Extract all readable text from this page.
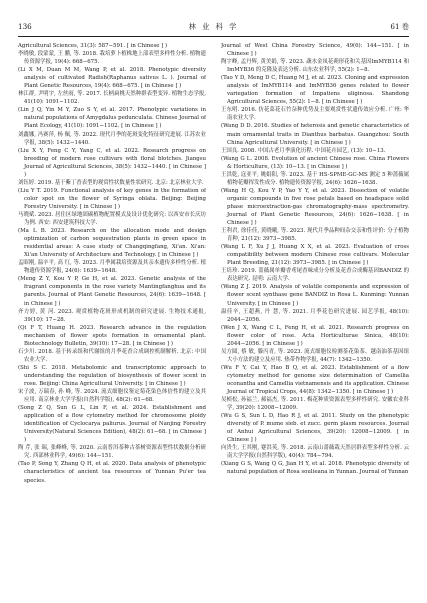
136	林 业 科 学	61 卷

Agricultural Sciences, 31(3): 587−591. [ in Chinese ] )

李晓敏, 段蒙蒙, 王 鹏, 等. 2018. 栽培萝卜植株地上部表型多样性分析. 植物遗传资源学报, 19(4): 668−675.

(Li X M, Duan M M, Wang P, et al. 2018. Phenotypic diversity analysis of cultivated Radish(Raphanus sativus L. ). Journal of Plant Genetic Resources, 19(4): 668−675. [ in Chinese ] )

林江群, 尹明宇, 左丝雨, 等. 2017. 长柄扁桃天然种群表型变异. 植物生态学报, 41(10): 1091−1102.

(Lin J Q, Yin M Y, Zuo S Y, et al. 2017. Phenotypic variations in natural populations of Amygdalus pedunculata. Chinese Journal of Plant Ecology, 41(10): 1091−1102. [ in Chinese ] )

刘鑫娜, 冯赛萍, 杨 佩, 等. 2022. 现代月季的花斑变化特征研究进展. 江苏农业学报, 38(5): 1432−1440.

(Liu X Y, Feng C Y, Yang C, et al. 2022. Research progress on breeding of modern rose cultivars with floral blotches. Jiangsu Journal of Agricultural Sciences, 38(5): 1432−1440. [ in Chinese ] )

刘钰婷. 2019. 基于紫丁香表型的观赏性状数量性状研究. 北京: 北京林业大学.

(Liu Y T. 2019. Functional analysis of key genes in the formation of color spot on the flower of Syringa oblata. Beijing: Beijing Forestry University. [ in Chinese ] )

马晓斌. 2023. 居住区绿地固碳植物配置模式及设计优化研究: 以西安市长庆坊为例. 西安: 西安建筑科技大学.

(Ma L B. 2023. Research on the allocation mode and design optimization of carbon sequestration plants in green space in residential areas: A case study of Changqingfang, Xi'an. Xi'an: Xi'an University of Architecture and Technology. [ in Chinese ] )

孟昭刚, 温辛平, 高 红, 等. 2023. 月季属栽培资源及其亲本遗传多样性分析. 植物遗传资源学报, 24(6): 1639−1648.

(Meng Z Y, Kou Y P, Ge H, et al. 2023. Genetic analysis of the fragrant components in the rose variety Mantingfanghua and its parents. Journal of Plant Genetic Resources, 24(6): 1639−1648. [ in Chinese ] )

齐方婷, 黄 河. 2023. 观赏植物花斑形成机制的研究进展. 生物技术通报, 39(10): 17−28.

(Qi F T, Huang H. 2023. Research advance in the regulation mechanism of flower spots formation in ornamental plant. Biotechnology Bulletin, 39(10): 17−28. [ in Chinese ] )

石少川. 2018. 基于转录组和代谢组的月季花香合成调控机制解析. 北京: 中国农业大学.

(Shi S C. 2018. Metabolomic and transcriptomic approach to understanding the regulation of biosynthesis of flower scent in rose. Beijing: China Agricultural University. [ in Chinese ] )

宋子波, 万瑞春, 孙 峰, 等. 2024. 流式细胞仪鉴定菊花染色体倍性的建立及其应用. 南京林业大学学报(自然科学版), 48(2): 61−68.

(Song Z Q, Sun G L, Lin F, et al. 2024. Establishment and application of a flow cytometry method for chromosome ploidy identification of Cyclocarya paliurus. Journal of Nanjing Forestry University(Natural Sciences Edition), 48(2): 61−68. [ in Chinese ] )

陶 芹, 张 瑞, 张峰峰, 等. 2020. 云南普洱茶种古茶树资源表型性状数据分析研究. 西部林业科学, 49(6): 144−151.

(Tao P, Song Y, Zhang Q H, et al. 2020. Data analysis of phenotypic characteristics of ancient tea resources of Yunnan Pu'er tea species.

Journal of West China Forestry Science, 49(6): 144−151. [ in Chinese ] )

陶宇峰, 孟丹辉, 黄美娟, 等. 2023. 蔬水金凤花蒴形花和关基因ImMYB114 和 ImMYB36 的克隆及表达分析. 山东农业科学, 55(2): 1−8.

(Tao Y D, Meng D C, Huang M J, et al. 2023. Cloning and expression analysis of ImMYB114 and ImMYB36 genes related to flower variegation formation of Impatiens uliginosa. Shandong Agricultural Sciences, 55(2): 1−8. [ in Chinese ] )

王东明. 2016. 仿花菜花石竹杂种优势及主要观赏性状遗传效应分析. 广州: 华南农业大学.

(Wang D D. 2016. Studies of heterosis and genetic characteristics of main ornamental traits in Dianthus barbatus. Guangzhou: South China Agricultural University. [ in Chinese ] )

王国良. 2008. 中国古老月季演化历程. 中国花卉园艺, (13): 10−13.

(Wang G L. 2008. Evolution of ancient Chinese rose. China Flowers & Horticulture, (13): 10−13. [ in Chinese ] )

王洪乾, 寇亚平, 姚娟阳, 等. 2023. 基于 HS-SPME-GC-MS 测定 5 种蔷薇属植物花瓣挥发性成分. 植物遗传资源学报, 24(6): 1626−1638.

(Wang H Q, Kou Y P, Yao Y Y, et al. 2023. Dissection of volatile organic compounds in five rose petals based on headspace solid phase microextraction-gas chromatography-mass spectrometry. Journal of Plant Genetic Resources, 24(6): 1626−1638. [ in Chinese ] )

王利君, 徐佳佳, 黄晓曦, 等. 2023. 现代月季品种间杂交亲和性评价: 分子植物育种, 21(12): 3973−3985.

(Wang L F, Xu J J, Huang X X, et al. 2023. Evaluation of cross compatibility between modern Chinese rose cultivars. Molecular Plant Breeding, 21(12): 3973−3985. [ in Chinese ] )

王培珍. 2019. 蔷薇属单瓣香鸢尾香味成分分析及花香合成酶基因BANDIZ 的表达研究. 昆明: 云南大学.

(Wang Z J. 2019. Analysis of volatile components and expression of flower scent synthase gene BANDIZ in Rosa L. Kunming: Yunnan University. [ in Chinese ] )

温佳辛, 王超燕, 丹 慧, 等. 2021. 月季花色研究进展. 园艺学报, 48(10): 2044−2056.

(Wen J X, Wang C L, Feng H, et al. 2021. Research progress on flower color of rose. Acta Horticulturae Sinica, 48(10): 2044−2056. [ in Chinese ] )

吴方圆, 蔡 敏, 滕丙青, 等. 2023. 流式细胞仪检测茶花染茶、越南油茶基因组大小方法的建立及应用. 热带作物学报, 44(7): 1342−1350.

(Wu F Y, Cai Y, Hao B Q, et al. 2023. Establishment of a flow cytometry method for genome size determination of Camellia oconantha and Camellia vietnamensis and its application. Chinese Journal of Tropical Crops, 44(8): 1342−1350. [ in Chinese ] )

吴桢松, 孙福兰, 郝福杰, 等. 2011. 梅花种质资源表型多样性研究. 安徽农业科学, 39(20): 12008−12009.

(Wu G S, Sun L D, Hao R J, et al. 2011. Study on the phenotypic diversity of P. mume sieb. et zucc. germ plasm resources. Journal of Anhui Agricultural Sciences, 39(20): 12008−12009. [ in Chinese ] )

向贵生, 王其刚, 蹇洪英, 等. 2018. 云南山蔷薇栽天然居群表型多样性分析. 云南大学学报(自然科学版), 40(4): 784−794.

(Xiang G S, Wang Q G, Jian H Y, et al. 2018. Phenotypic diversity of natural population of Rosa soulieana in Yunnan. Journal of Yunnan
